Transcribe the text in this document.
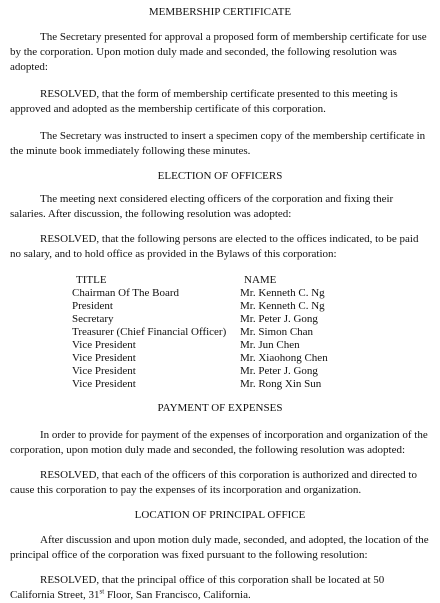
MEMBERSHIP CERTIFICATE

The Secretary presented for approval a proposed form of membership certificate for use by the corporation. Upon motion duly made and seconded, the following resolution was adopted:

RESOLVED, that the form of membership certificate presented to this meeting is approved and adopted as the membership certificate of this corporation.

The Secretary was instructed to insert a specimen copy of the membership certificate in the minute book immediately following these minutes.

ELECTION OF OFFICERS

The meeting next considered electing officers of the corporation and fixing their salaries. After discussion, the following resolution was adopted:

RESOLVED, that the following persons are elected to the offices indicated, to be paid no salary, and to hold office as provided in the Bylaws of this corporation:

TITLE	NAME
Chairman Of The Board	Mr. Kenneth C. Ng
President	Mr. Kenneth C. Ng
Secretary	Mr. Peter J. Gong
Treasurer (Chief Financial Officer)	Mr. Simon Chan
Vice President	Mr. Jun Chen
Vice President	Mr. Xiaohong Chen
Vice President	Mr. Peter J. Gong
Vice President	Mr. Rong Xin Sun
PAYMENT OF EXPENSES

In order to provide for payment of the expenses of incorporation and organization of the corporation, upon motion duly made and seconded, the following resolution was adopted:

RESOLVED, that each of the officers of this corporation is authorized and directed to cause this corporation to pay the expenses of its incorporation and organization.

LOCATION OF PRINCIPAL OFFICE

After discussion and upon motion duly made, seconded, and adopted, the location of the principal office of the corporation was fixed pursuant to the following resolution:

RESOLVED, that the principal office of this corporation shall be located at 50 California Street, 31st Floor, San Francisco, California.
